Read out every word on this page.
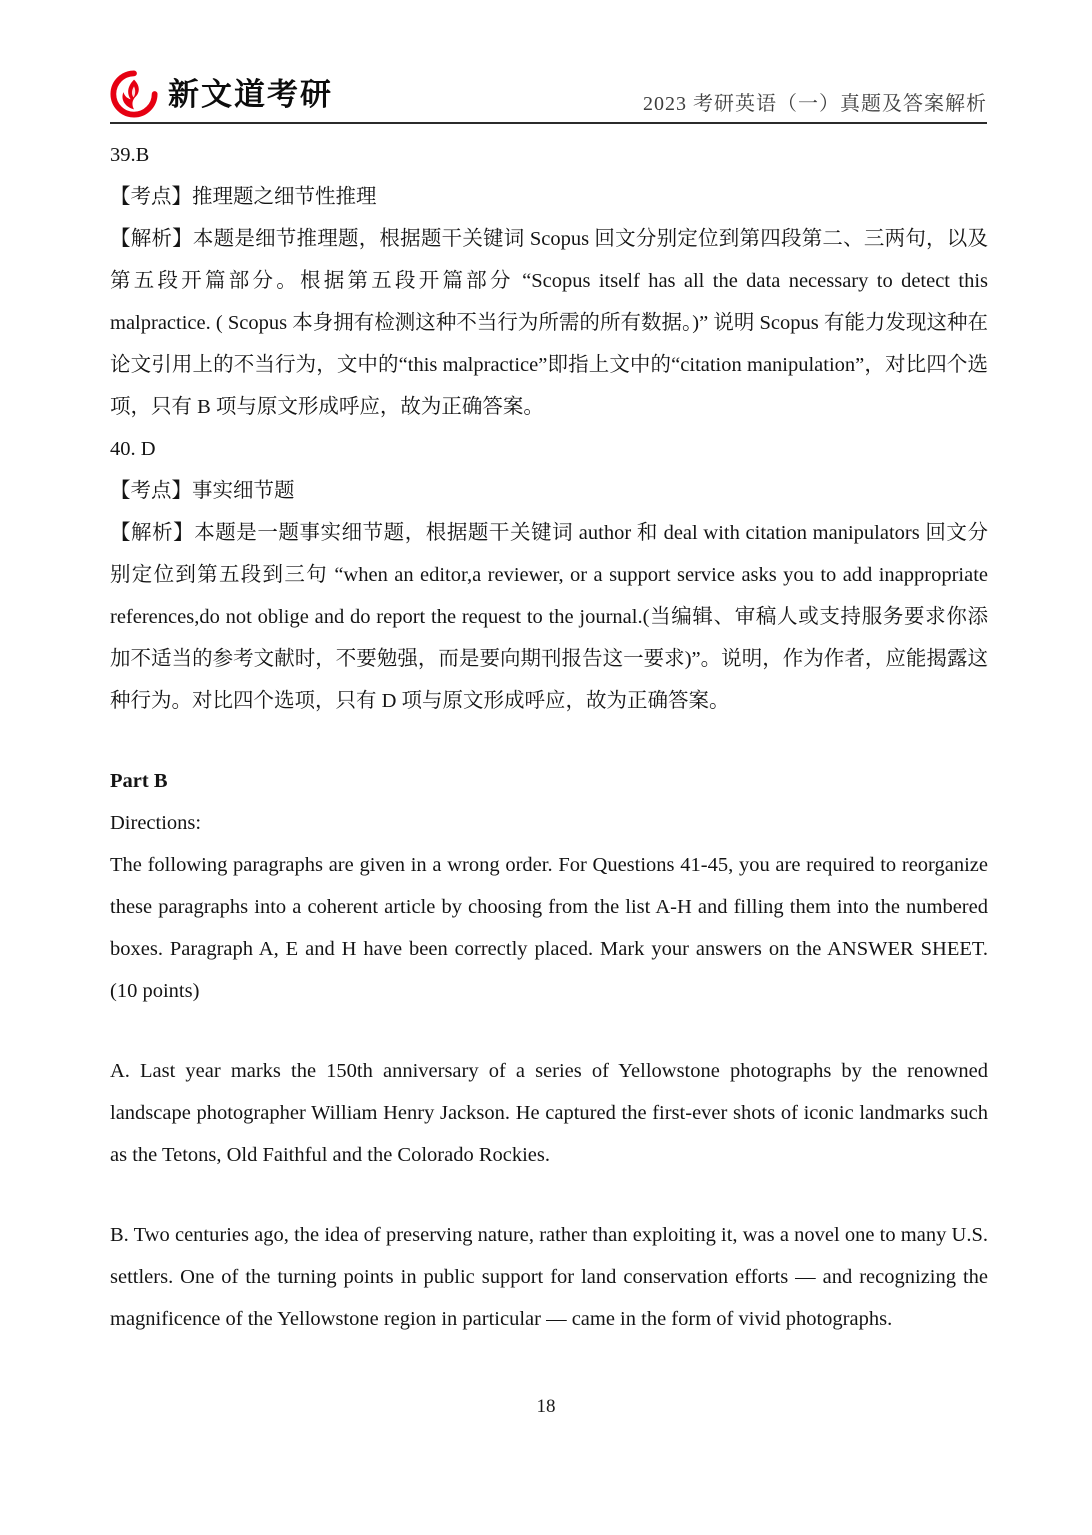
新文道考研	2023 考研英语（一）真题及答案解析

39.B

【考点】推理题之细节性推理

【解析】本题是细节推理题，根据题干关键词 Scopus 回文分别定位到第四段第二、三两句，以及第五段开篇部分。根据第五段开篇部分 “Scopus itself has all the data necessary to detect this malpractice. ( Scopus 本身拥有检测这种不当行为所需的所有数据。)” 说明 Scopus 有能力发现这种在论文引用上的不当行为，文中的“this malpractice”即指上文中的“citation manipulation”，对比四个选项，只有 B 项与原文形成呼应，故为正确答案。

40. D

【考点】事实细节题

【解析】本题是一题事实细节题，根据题干关键词 author 和 deal with citation manipulators 回文分别定位到第五段到三句 “when an editor,a reviewer, or a support service asks you to add inappropriate references,do not oblige and do report the request to the journal.(当编辑、审稿人或支持服务要求你添加不适当的参考文献时，不要勉强，而是要向期刊报告这一要求)”。说明，作为作者，应能揭露这种行为。对比四个选项，只有 D 项与原文形成呼应，故为正确答案。

Part B

Directions:

The following paragraphs are given in a wrong order. For Questions 41-45, you are required to reorganize these paragraphs into a coherent article by choosing from the list A-H and filling them into the numbered boxes. Paragraph A, E and H have been correctly placed. Mark your answers on the ANSWER SHEET. (10 points)

A. Last year marks the 150th anniversary of a series of Yellowstone photographs by the renowned landscape photographer William Henry Jackson. He captured the first-ever shots of iconic landmarks such as the Tetons, Old Faithful and the Colorado Rockies.

B. Two centuries ago, the idea of preserving nature, rather than exploiting it, was a novel one to many U.S. settlers. One of the turning points in public support for land conservation efforts — and recognizing the magnificence of the Yellowstone region in particular — came in the form of vivid photographs.

18
